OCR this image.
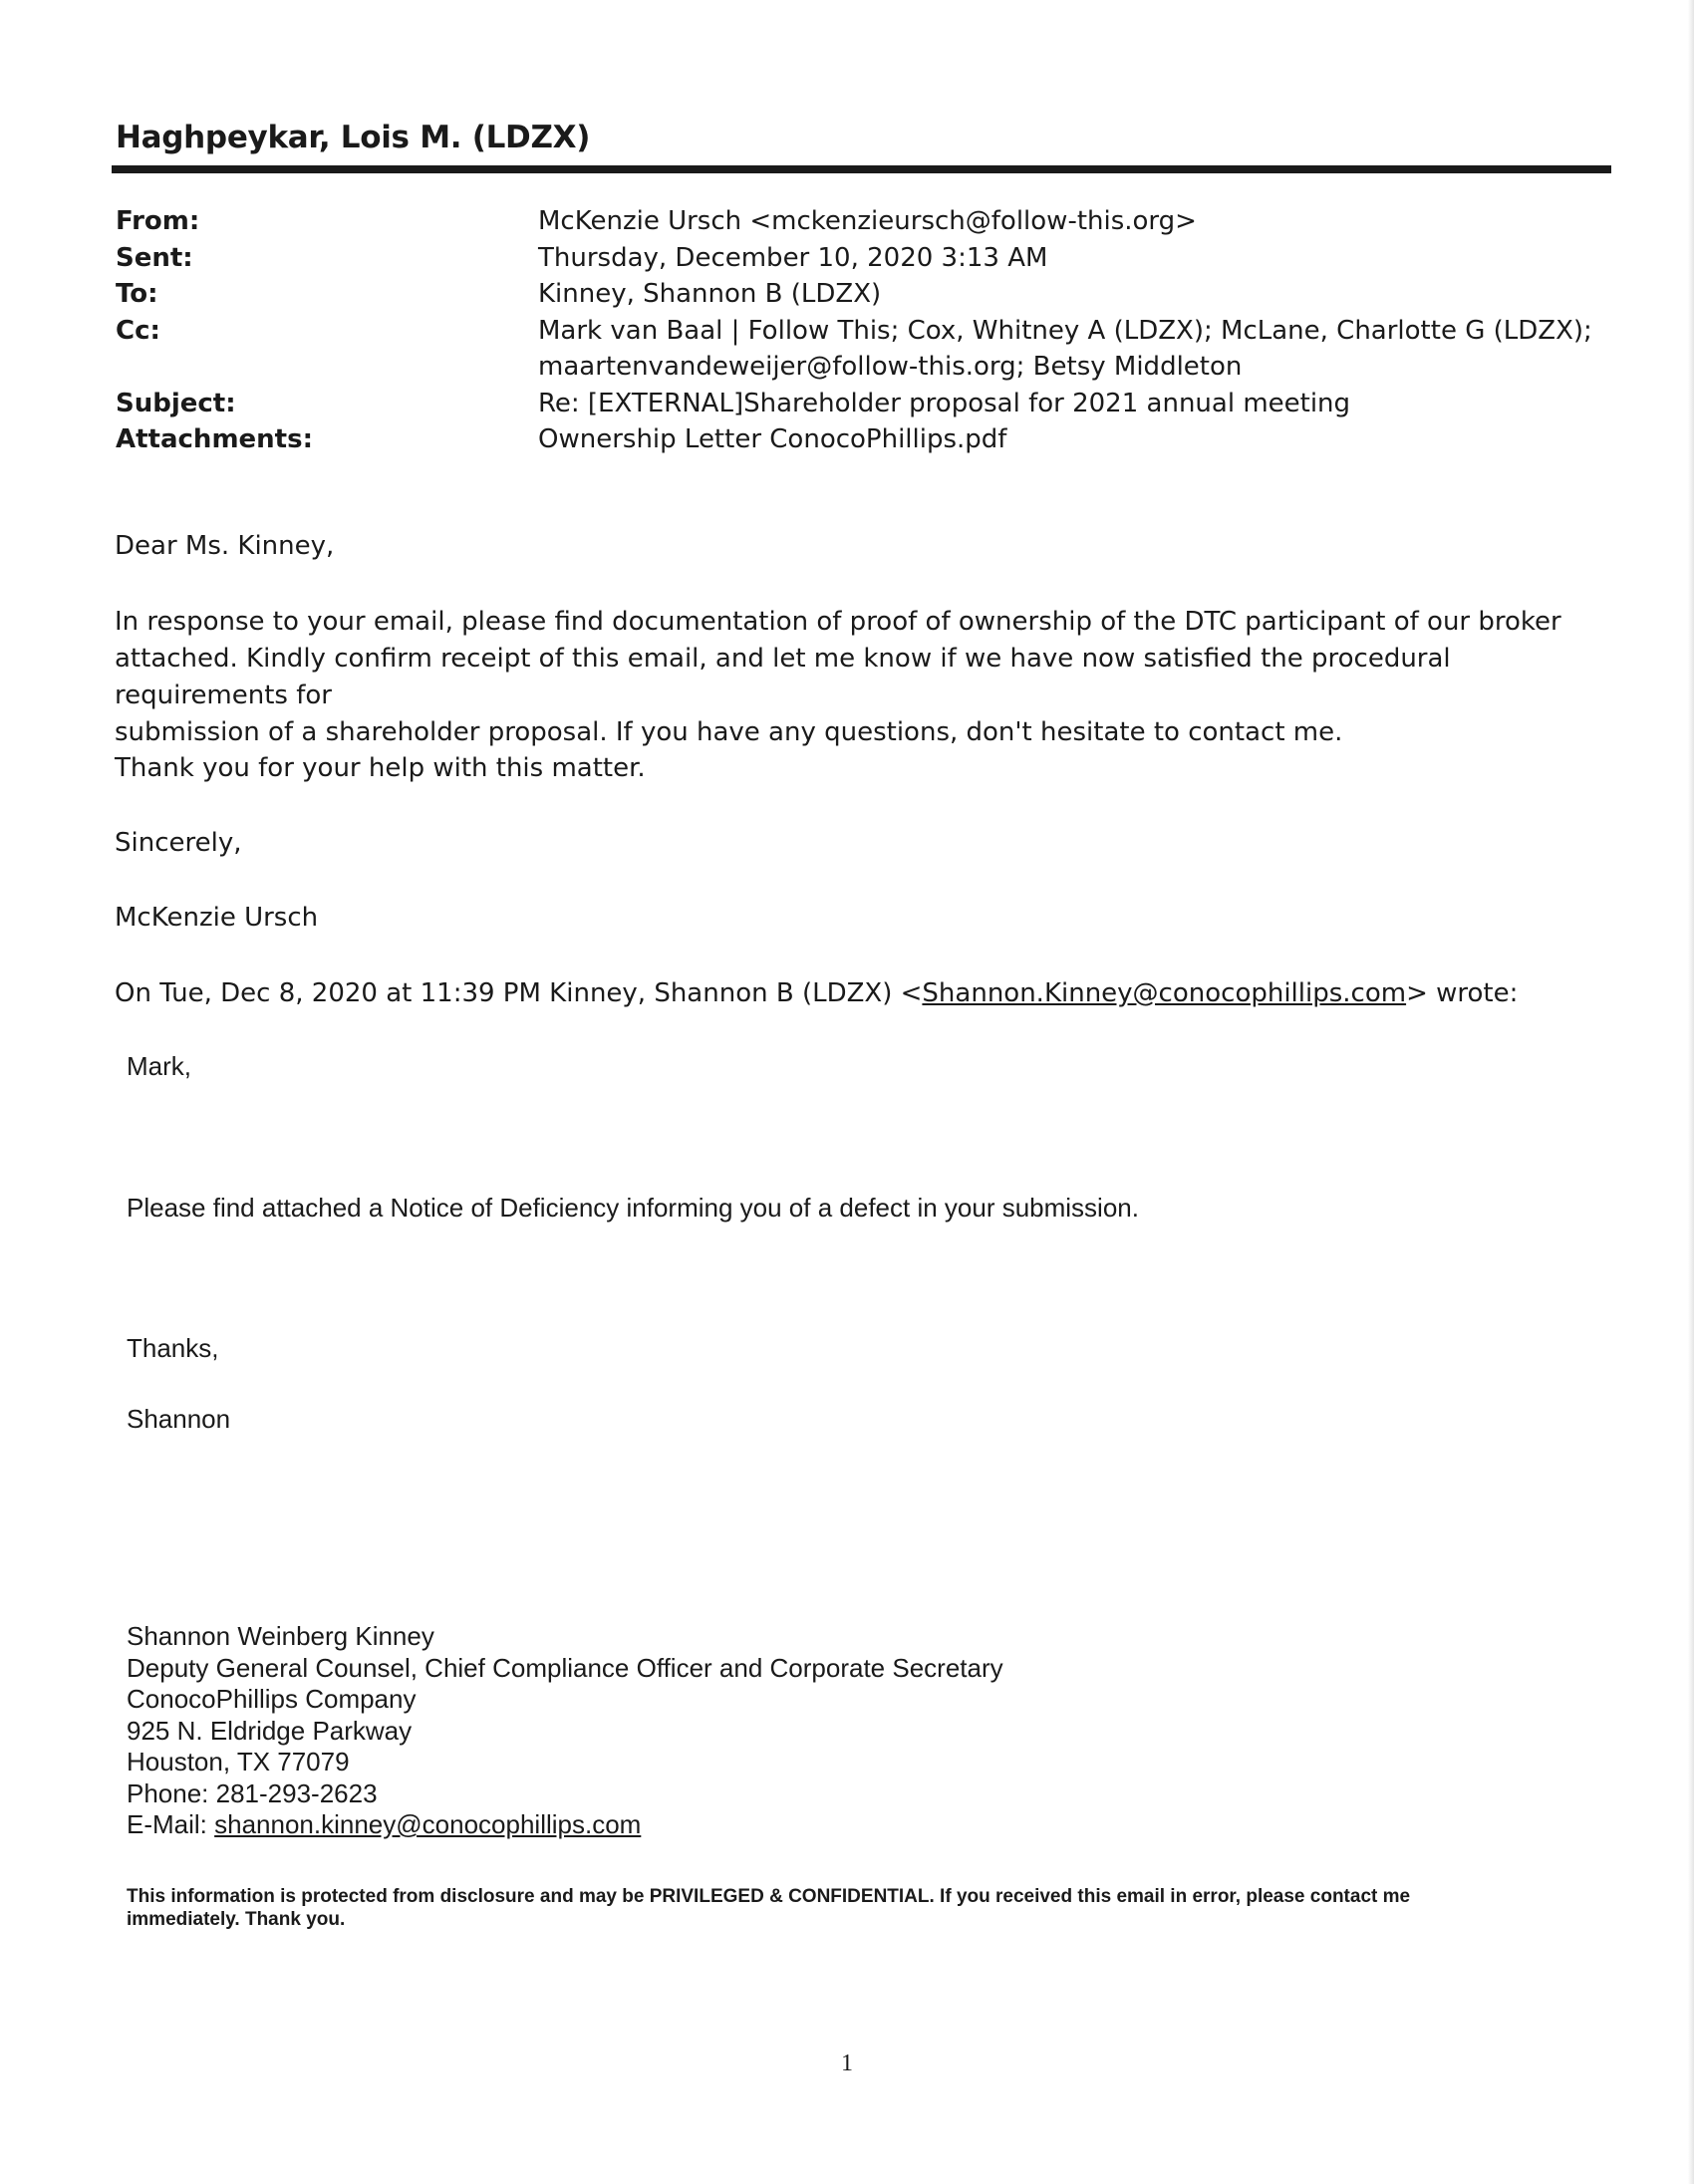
Haghpeykar, Lois M. (LDZX)
From:	McKenzie Ursch <mckenzieursch@follow-this.org>
Sent:	Thursday, December 10, 2020 3:13 AM
To:	Kinney, Shannon B (LDZX)
Cc:	Mark van Baal | Follow This; Cox, Whitney A (LDZX); McLane, Charlotte G (LDZX);
maartenvandeweijer@follow-this.org; Betsy Middleton
Subject:	Re: [EXTERNAL]Shareholder proposal for 2021 annual meeting
Attachments:	Ownership Letter ConocoPhillips.pdf

Dear Ms. Kinney,

In response to your email, please find documentation of proof of ownership of the DTC participant of our broker
attached. Kindly confirm receipt of this email, and let me know if we have now satisfied the procedural requirements for
submission of a shareholder proposal. If you have any questions, don't hesitate to contact me.

Thank you for your help with this matter.

Sincerely,

McKenzie Ursch

On Tue, Dec 8, 2020 at 11:39 PM Kinney, Shannon B (LDZX) <Shannon.Kinney@conocophillips.com> wrote:

Mark,

Please find attached a Notice of Deficiency informing you of a defect in your submission.

Thanks,

Shannon

Shannon Weinberg Kinney
Deputy General Counsel, Chief Compliance Officer and Corporate Secretary
ConocoPhillips Company
925 N. Eldridge Parkway
Houston, TX 77079
Phone: 281-293-2623
E-Mail: shannon.kinney@conocophillips.com
This information is protected from disclosure and may be PRIVILEGED & CONFIDENTIAL. If you received this email in error, please contact me
immediately. Thank you.
1
